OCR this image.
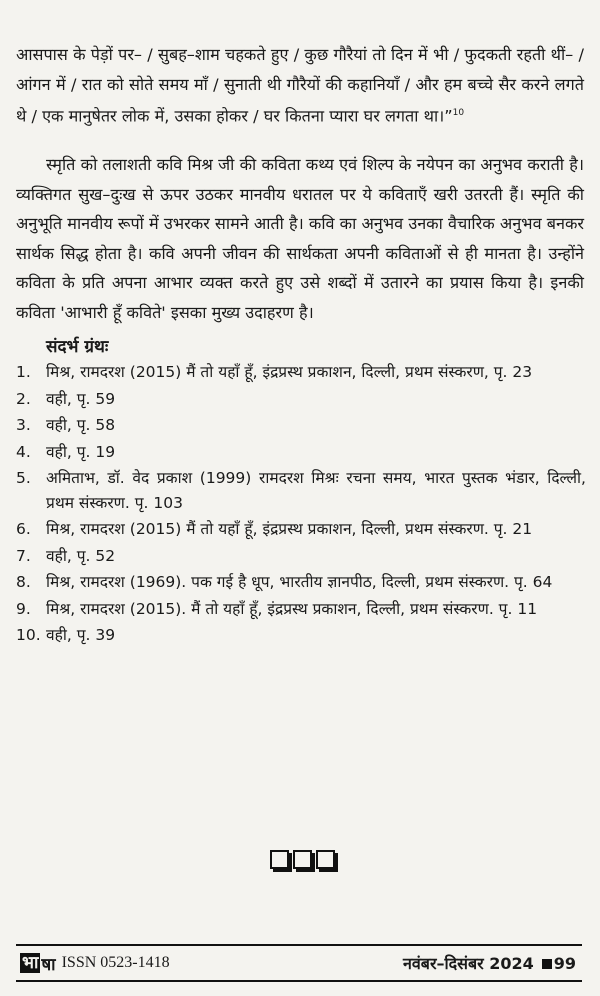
आसपास के पेड़ों पर– / सुबह–शाम चहकते हुए / कुछ गौरैयां तो दिन में भी / फुदकती रहती थीं– / आंगन में / रात को सोते समय माँ / सुनाती थी गौरैयों की कहानियाँ / और हम बच्चे सैर करने लगते थे / एक मानुषेतर लोक में, उसका होकर / घर कितना प्यारा घर लगता था।”$^{10}$

स्मृति को तलाशती कवि मिश्र जी की कविता कथ्य एवं शिल्प के नयेपन का अनुभव कराती है। व्यक्तिगत सुख–दुःख से ऊपर उठकर मानवीय धरातल पर ये कविताएँ खरी उतरती हैं। स्मृति की अनुभूति मानवीय रूपों में उभरकर सामने आती है। कवि का अनुभव उनका वैचारिक अनुभव बनकर सार्थक सिद्ध होता है। कवि अपनी जीवन की सार्थकता अपनी कविताओं से ही मानता है। उन्होंने कविता के प्रति अपना आभार व्यक्त करते हुए उसे शब्दों में उतारने का प्रयास किया है। इनकी कविता 'आभारी हूँ कविते' इसका मुख्य उदाहरण है।

संदर्भ ग्रंथः
1. मिश्र, रामदरश (2015) मैं तो यहाँ हूँ, इंद्रप्रस्थ प्रकाशन, दिल्ली, प्रथम संस्करण, पृ. 23
2. वही, पृ. 59
3. वही, पृ. 58
4. वही, पृ. 19
5. अमिताभ, डॉ. वेद प्रकाश (1999) रामदरश मिश्रः रचना समय, भारत पुस्तक भंडार, दिल्ली, प्रथम संस्करण. पृ. 103
6. मिश्र, रामदरश (2015) मैं तो यहाँ हूँ, इंद्रप्रस्थ प्रकाशन, दिल्ली, प्रथम संस्करण. पृ. 21
7. वही, पृ. 52
8. मिश्र, रामदरश (1969). पक गई है धूप, भारतीय ज्ञानपीठ, दिल्ली, प्रथम संस्करण. पृ. 64
9. मिश्र, रामदरश (2015). मैं तो यहाँ हूँ, इंद्रप्रस्थ प्रकाशन, दिल्ली, प्रथम संस्करण. पृ. 11
10. वही, पृ. 39
भा षा ISSN 0523-1418	नवंबर–दिसंबर 2024	99
